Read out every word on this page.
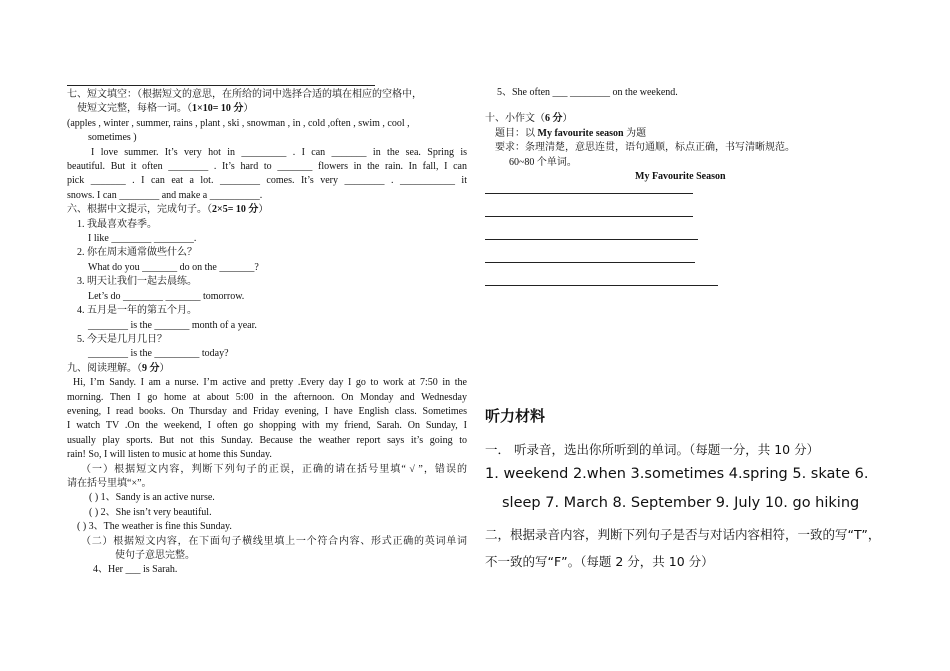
七、短文填空：（根据短文的意思，在所给的词中选择合适的填在相应的空格中，
使短文完整，每格一词。（1×10= 10 分）
(apples , winter , summer, rains , plant , ski , snowman , in , cold ,often , swim , cool ,
sometimes )
I love summer. It’s very hot in _________ . I can _______ in the sea. Spring is
beautiful. But it often ________ . It’s hard to _______ flowers in the rain. In fall, I can
pick _______ . I can eat a lot. ________ comes. It’s very ________ . ___________ it
snows. I can ________ and make a __________.
六、根据中文提示，完成句子。（2×5= 10 分）
1. 我最喜欢春季。
I like ________ ________.
2. 你在周末通常做些什么？
What do you _______ do on the _______?
3. 明天让我们一起去晨练。
Let’s do ________ _______ tomorrow.
4. 五月是一年的第五个月。
________ is the _______ month of a year.
5. 今天是几月几日？
________ is the _________ today?
九、阅读理解。（9 分）
Hi, I’m Sandy. I am a nurse. I’m active and pretty .Every day I go to work at 7:50 in the
morning. Then I go home at about 5:00 in the afternoon. On Monday and Wednesday
evening, I read books. On Thursday and Friday evening, I have English class. Sometimes
I watch TV .On the weekend, I often go shopping with my friend, Sarah. On Sunday, I
usually play sports. But not this Sunday. Because the weather report says it’s going to
rain! So, I will listen to music at home this Sunday.
（一）根据短文内容，判断下列句子的正误，正确的请在括号里填“ √ ”，错误的
请在括号里填“×”。
( ) 1、Sandy is an active nurse.
( ) 2、She isn’t very beautiful.
( ) 3、The weather is fine this Sunday.
（二）根据短文内容，在下面句子横线里填上一个符合内容、形式正确的英词单词
使句子意思完整。
4、Her ___ is Sarah.
5、She often ___ ________ on the weekend.
十、小作文（6 分）
题目：以 My favourite season 为题
要求：条理清楚，意思连贯，语句通顺，标点正确，书写清晰规范。
60~80 个单词。
My Favourite Season
听力材料
一． 听录音，选出你所听到的单词。（每题一分，共 10 分）
1. weekend 2.when 3.sometimes 4.spring 5. skate 6.
sleep 7. March 8. September 9. July 10. go hiking
二，根据录音内容，判断下列句子是否与对话内容相符，一致的写“T”，
不一致的写“F”。（每题 2 分，共 10 分）
